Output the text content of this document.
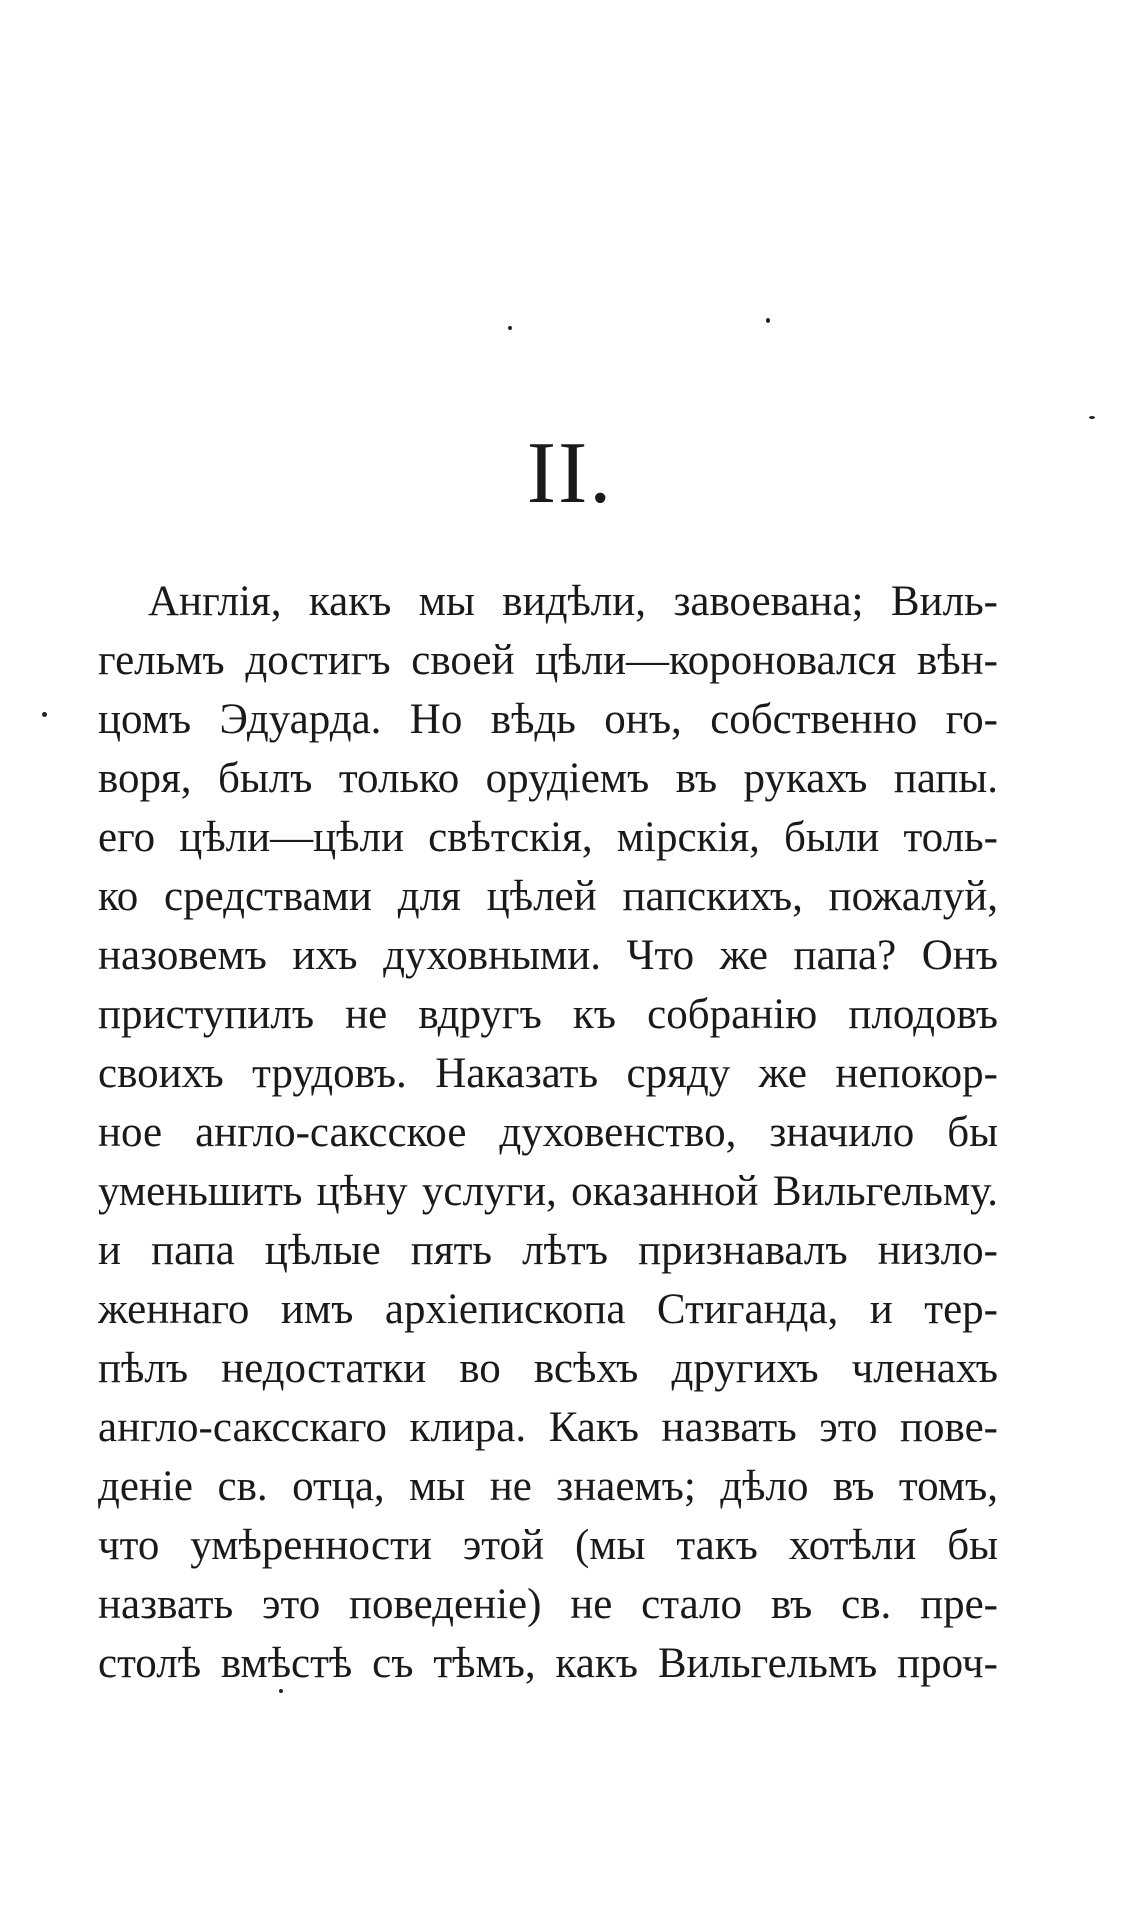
II.
Англія, какъ мы видѣли, завоевана; Виль-
гельмъ достигъ своей цѣли—короновался вѣн-
цомъ Эдуарда. Но вѣдь онъ, собственно го-
воря, былъ только орудіемъ въ рукахъ папы.
его цѣли—цѣли свѣтскія, мірскія, были толь-
ко средствами для цѣлей папскихъ, пожалуй,
назовемъ ихъ духовными. Что же папа? Онъ
приступилъ не вдругъ къ собранію плодовъ
своихъ трудовъ. Наказать сряду же непокор-
ное англо-саксское духовенство, значило бы
уменьшить цѣну услуги, оказанной Вильгельму.
и папа цѣлые пять лѣтъ признавалъ низло-
женнаго имъ архіепископа Стиганда, и тер-
пѣлъ недостатки во всѣхъ другихъ членахъ
англо-саксскаго клира. Какъ назвать это пове-
деніе св. отца, мы не знаемъ; дѣло въ томъ,
что умѣренности этой (мы такъ хотѣли бы
назвать это поведеніе) не стало въ св. пре-
столѣ вмѣстѣ съ тѣмъ, какъ Вильгельмъ проч-
